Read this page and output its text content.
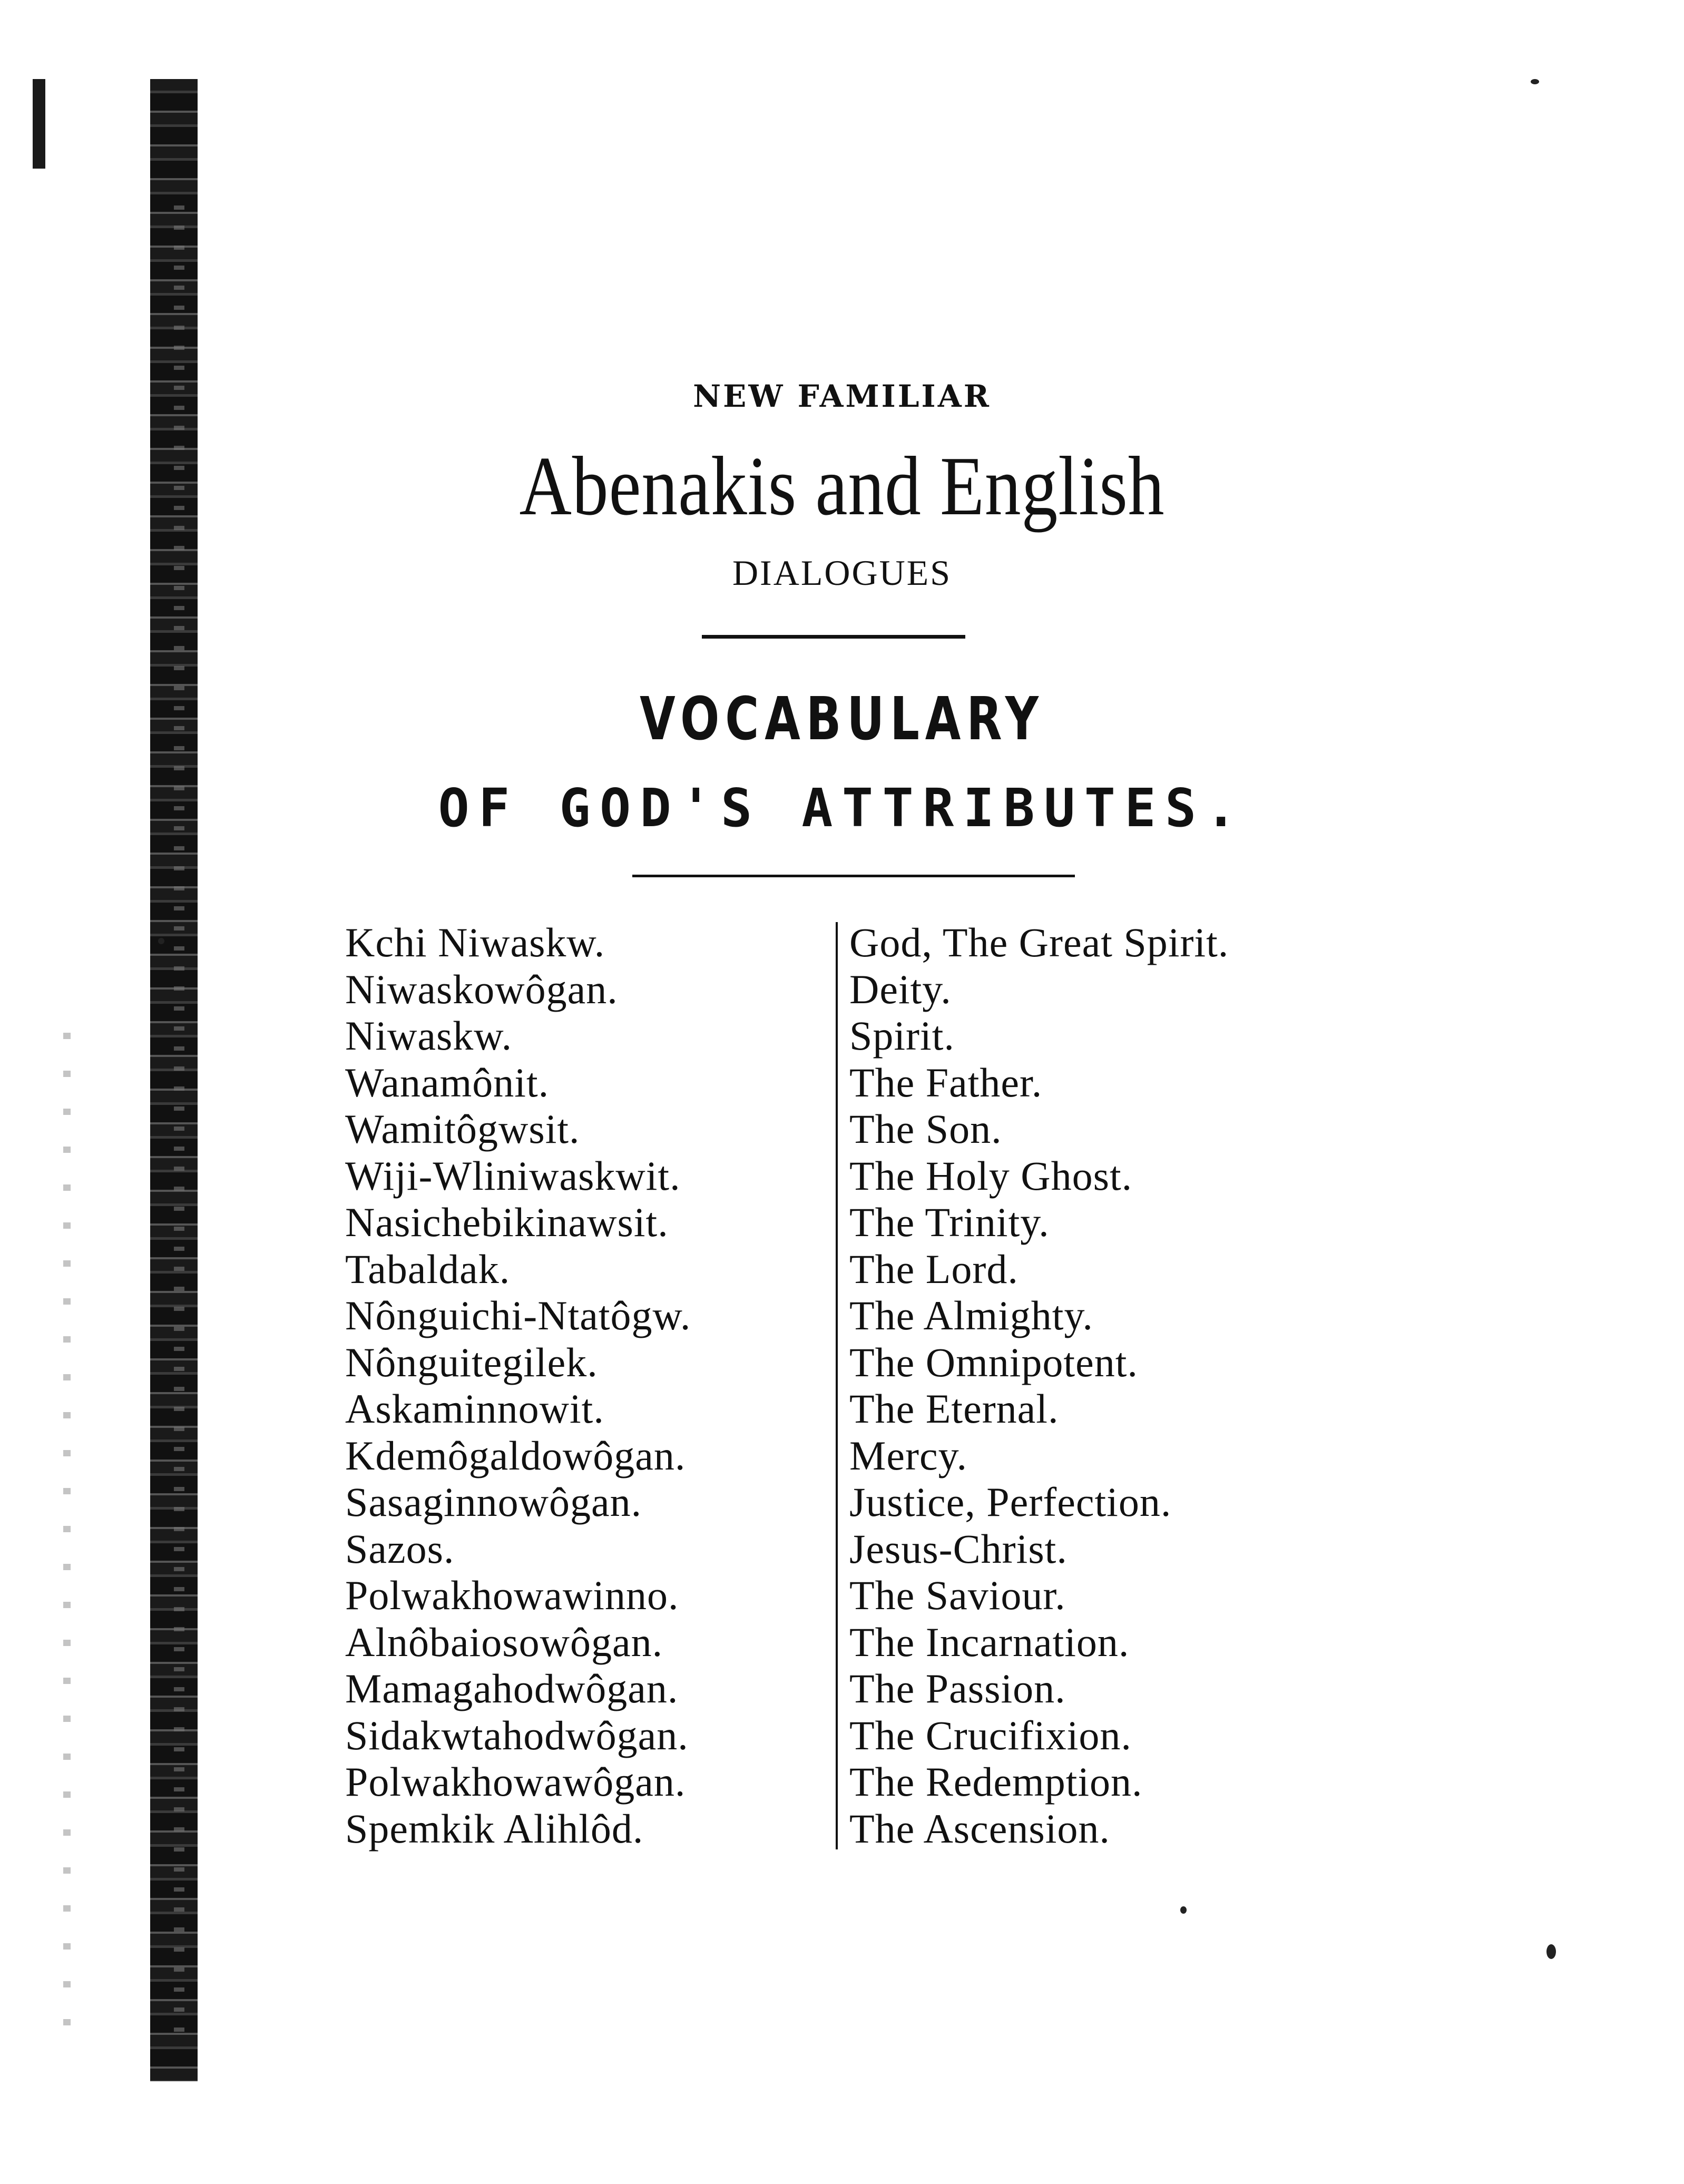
NEW FAMILIAR
Abenakis and English
DIALOGUES
VOCABULARY
OF GOD'S ATTRIBUTES.
Kchi Niwaskw.	God, The Great Spirit.
Niwaskowôgan.	Deity.
Niwaskw.	Spirit.
Wanamônit.	The Father.
Wamitôgwsit.	The Son.
Wiji-Wliniwaskwit.	The Holy Ghost.
Nasichebikinawsit.	The Trinity.
Tabaldak.	The Lord.
Nônguichi-Ntatôgw.	The Almighty.
Nônguitegilek.	The Omnipotent.
Askaminnowit.	The Eternal.
Kdemôgaldowôgan.	Mercy.
Sasaginnowôgan.	Justice, Perfection.
Sazos.	Jesus-Christ.
Polwakhowawinno.	The Saviour.
Alnôbaiosowôgan.	The Incarnation.
Mamagahodwôgan.	The Passion.
Sidakwtahodwôgan.	The Crucifixion.
Polwakhowawôgan.	The Redemption.
Spemkik Alihlôd.	The Ascension.
